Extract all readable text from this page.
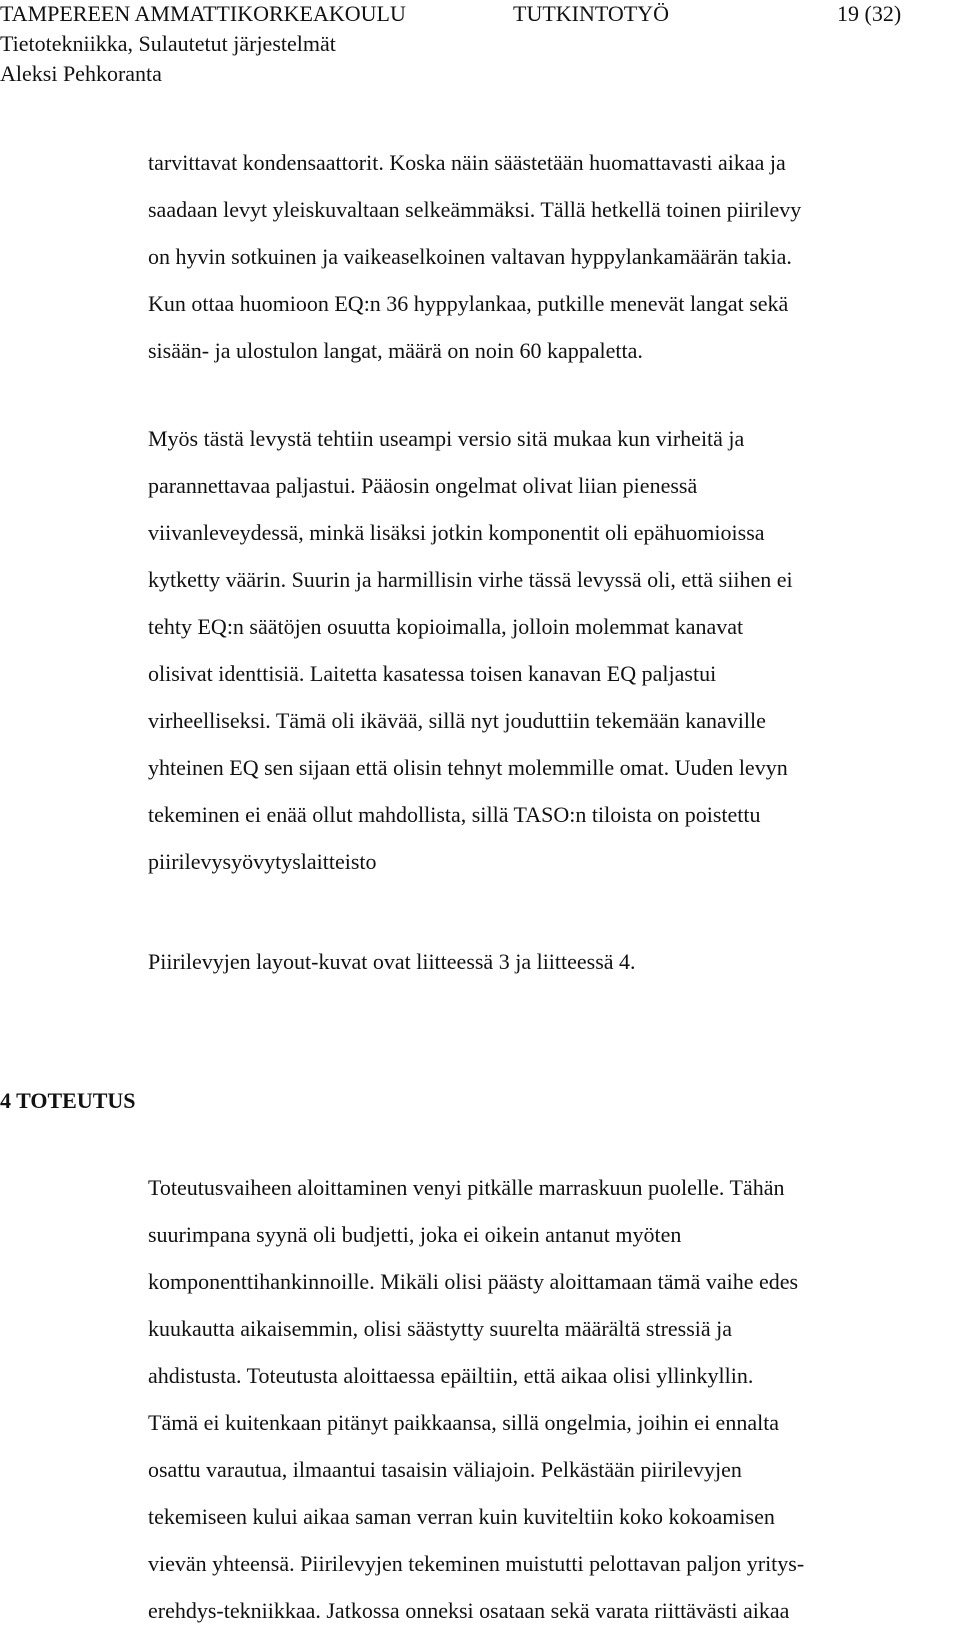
TAMPEREEN AMMATTIKORKEAKOULU	TUTKINTOTYÖ	19 (32)
Tietotekniikka, Sulautetut järjestelmät
Aleksi Pehkoranta
tarvittavat kondensaattorit. Koska näin säästetään huomattavasti aikaa ja
saadaan levyt yleiskuvaltaan selkeämmäksi. Tällä hetkellä toinen piirilevy
on hyvin sotkuinen ja vaikeaselkoinen valtavan hyppylankamäärän takia.
Kun ottaa huomioon EQ:n 36 hyppylankaa, putkille menevät langat sekä
sisään- ja ulostulon langat, määrä on noin 60 kappaletta.
Myös tästä levystä tehtiin useampi versio sitä mukaa kun virheitä ja
parannettavaa paljastui. Pääosin ongelmat olivat liian pienessä
viivanleveydessä, minkä lisäksi jotkin komponentit oli epähuomioissa
kytketty väärin. Suurin ja harmillisin virhe tässä levyssä oli, että siihen ei
tehty EQ:n säätöjen osuutta kopioimalla, jolloin molemmat kanavat
olisivat identtisiä. Laitetta kasatessa toisen kanavan EQ paljastui
virheelliseksi. Tämä oli ikävää, sillä nyt jouduttiin tekemään kanaville
yhteinen EQ sen sijaan että olisin tehnyt molemmille omat. Uuden levyn
tekeminen ei enää ollut mahdollista, sillä TASO:n tiloista on poistettu
piirilevysyövytyslaitteisto
Piirilevyjen layout-kuvat ovat liitteessä 3 ja liitteessä 4.
4 TOTEUTUS
Toteutusvaiheen aloittaminen venyi pitkälle marraskuun puolelle. Tähän
suurimpana syynä oli budjetti, joka ei oikein antanut myöten
komponenttihankinnoille. Mikäli olisi päästy aloittamaan tämä vaihe edes
kuukautta aikaisemmin, olisi säästytty suurelta määrältä stressiä ja
ahdistusta. Toteutusta aloittaessa epäiltiin, että aikaa olisi yllinkyllin.
Tämä ei kuitenkaan pitänyt paikkaansa, sillä ongelmia, joihin ei ennalta
osattu varautua, ilmaantui tasaisin väliajoin. Pelkästään piirilevyjen
tekemiseen kului aikaa saman verran kuin kuviteltiin koko kokoamisen
vievän yhteensä. Piirilevyjen tekeminen muistutti pelottavan paljon yritys-
erehdys-tekniikkaa. Jatkossa onneksi osataan sekä varata riittävästi aikaa
